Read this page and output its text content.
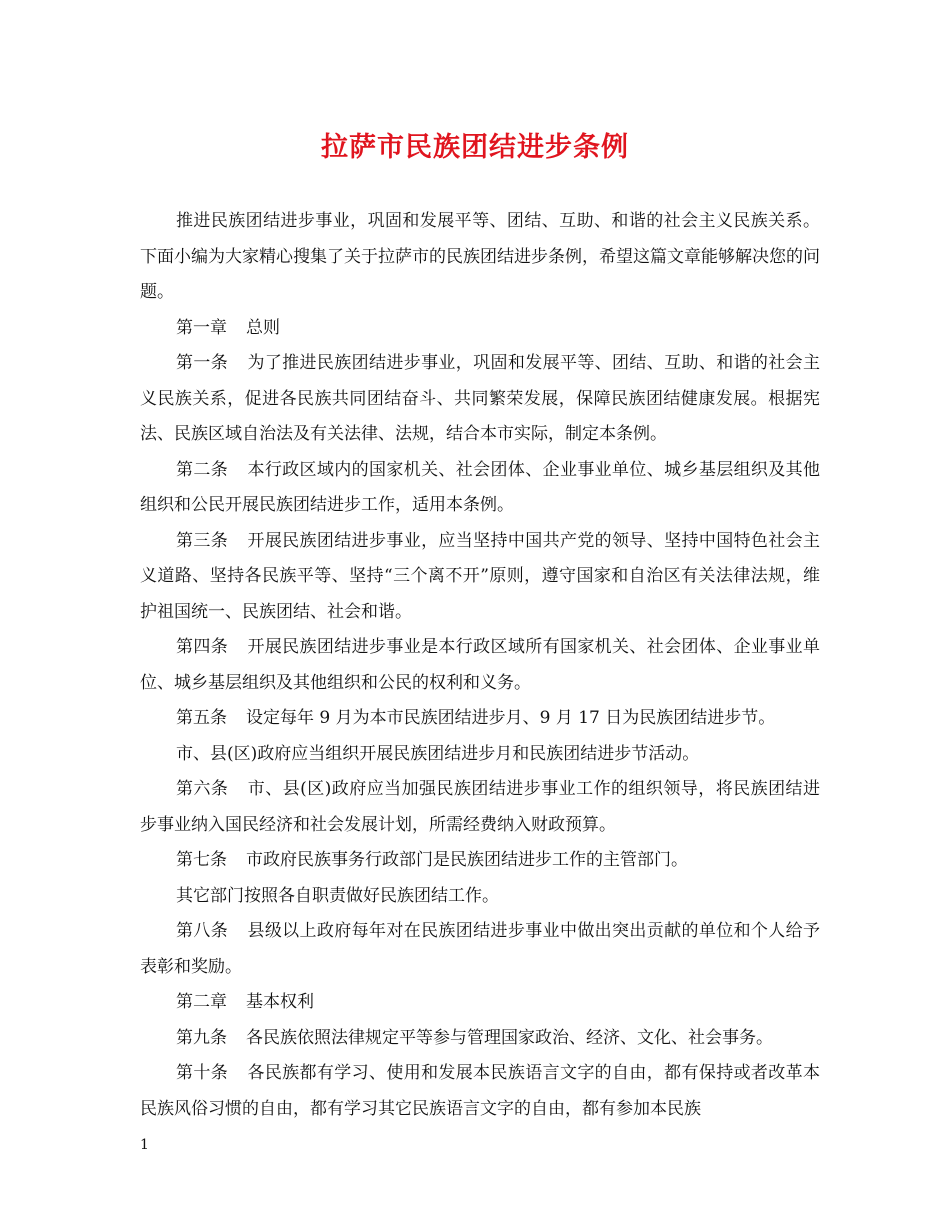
拉萨市民族团结进步条例

推进民族团结进步事业，巩固和发展平等、团结、互助、和谐的社会主义民族关系。下面小编为大家精心搜集了关于拉萨市的民族团结进步条例，希望这篇文章能够解决您的问题。

第一章 总则

第一条 为了推进民族团结进步事业，巩固和发展平等、团结、互助、和谐的社会主义民族关系，促进各民族共同团结奋斗、共同繁荣发展，保障民族团结健康发展。根据宪法、民族区域自治法及有关法律、法规，结合本市实际，制定本条例。

第二条 本行政区域内的国家机关、社会团体、企业事业单位、城乡基层组织及其他组织和公民开展民族团结进步工作，适用本条例。

第三条 开展民族团结进步事业，应当坚持中国共产党的领导、坚持中国特色社会主义道路、坚持各民族平等、坚持“三个离不开”原则，遵守国家和自治区有关法律法规，维护祖国统一、民族团结、社会和谐。

第四条 开展民族团结进步事业是本行政区域所有国家机关、社会团体、企业事业单位、城乡基层组织及其他组织和公民的权利和义务。

第五条 设定每年 9 月为本市民族团结进步月、9 月 17 日为民族团结进步节。

市、县(区)政府应当组织开展民族团结进步月和民族团结进步节活动。

第六条 市、县(区)政府应当加强民族团结进步事业工作的组织领导，将民族团结进步事业纳入国民经济和社会发展计划，所需经费纳入财政预算。

第七条 市政府民族事务行政部门是民族团结进步工作的主管部门。

其它部门按照各自职责做好民族团结工作。

第八条 县级以上政府每年对在民族团结进步事业中做出突出贡献的单位和个人给予表彰和奖励。

第二章 基本权利

第九条 各民族依照法律规定平等参与管理国家政治、经济、文化、社会事务。

第十条 各民族都有学习、使用和发展本民族语言文字的自由，都有保持或者改革本民族风俗习惯的自由，都有学习其它民族语言文字的自由，都有参加本民族

1
